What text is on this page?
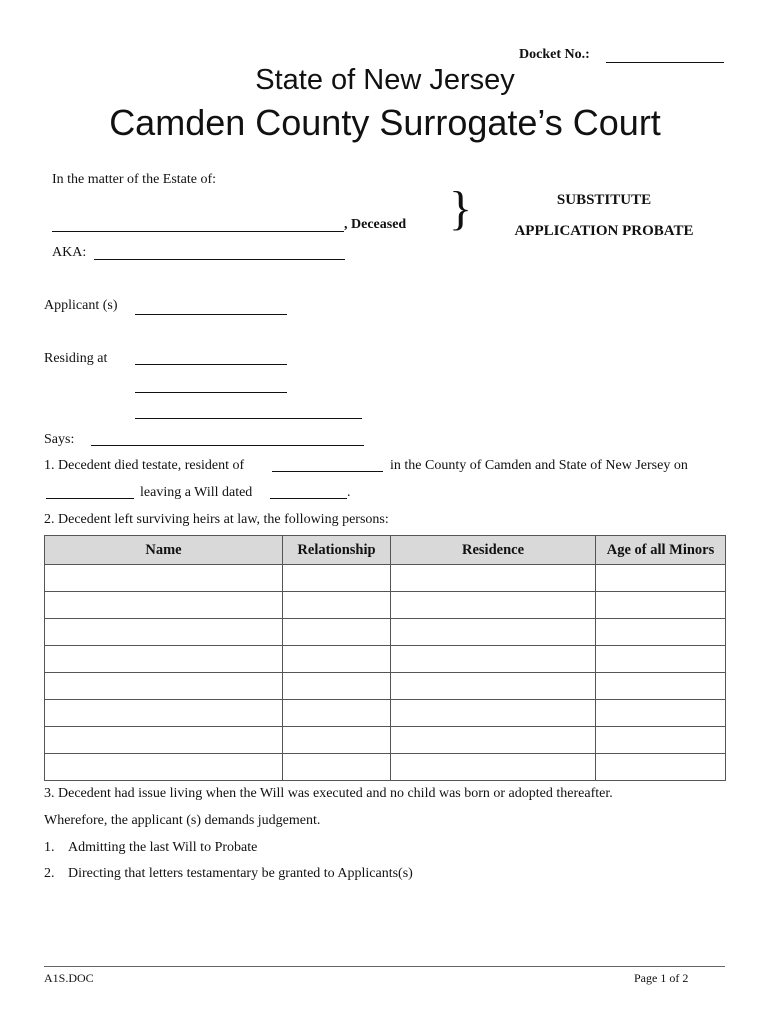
Docket No.:
State of New Jersey
Camden County Surrogate’s Court
In the matter of the Estate of:
, Deceased
AKA:
}	SUBSTITUTE
APPLICATION PROBATE
Applicant (s)
Residing at
Says:
1. Decedent died testate, resident of	in the County of Camden and State of New Jersey on
leaving a Will dated	.
2. Decedent left surviving heirs at law, the following persons:
Name	Relationship	Residence	Age of all Minors

3. Decedent had issue living when the Will was executed and no child was born or adopted thereafter.
Wherefore, the applicant (s) demands judgement.
1. Admitting the last Will to Probate
2. Directing that letters testamentary be granted to Applicants(s)
A1S.DOC	Page 1 of 2
